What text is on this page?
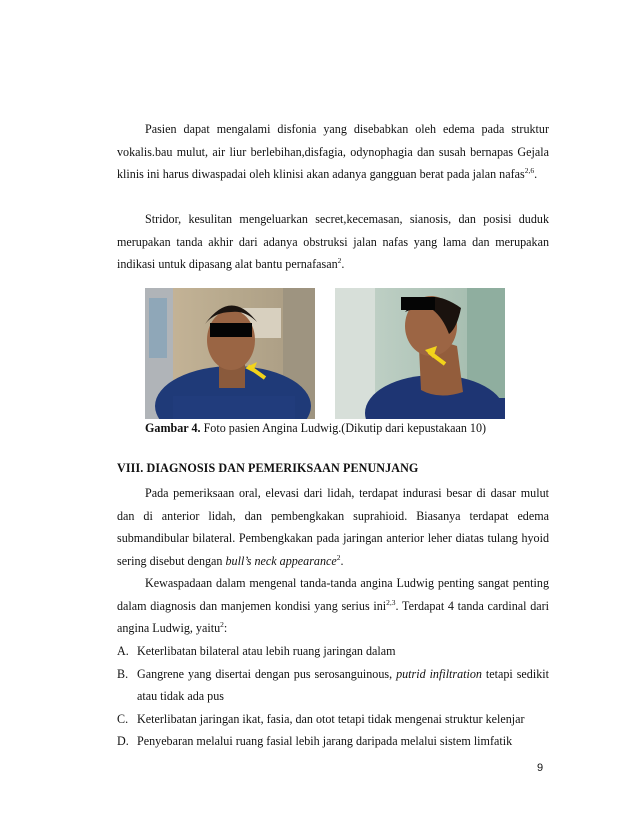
Pasien dapat mengalami disfonia yang disebabkan oleh edema pada struktur vokalis.bau mulut, air liur berlebihan,disfagia, odynophagia dan susah bernapas Gejala klinis ini harus diwaspadai oleh klinisi akan adanya gangguan berat pada jalan nafas$^{2,6}$.

Stridor, kesulitan mengeluarkan secret,kecemasan, sianosis, dan posisi duduk merupakan tanda akhir dari adanya obstruksi jalan nafas yang lama dan merupakan indikasi untuk dipasang alat bantu pernafasan$^2$.

Gambar 4. Foto pasien Angina Ludwig.(Dikutip dari kepustakaan 10)

VIII. DIAGNOSIS DAN PEMERIKSAAN PENUNJANG

Pada pemeriksaan oral, elevasi dari lidah, terdapat indurasi besar di dasar mulut dan di anterior lidah, dan pembengkakan suprahioid. Biasanya terdapat edema submandibular bilateral. Pembengkakan pada jaringan anterior leher diatas tulang hyoid sering disebut dengan bull’s neck appearance$^2$.

Kewaspadaan dalam mengenal tanda-tanda angina Ludwig penting sangat penting dalam diagnosis dan manjemen kondisi yang serius ini$^{2,3}$. Terdapat 4 tanda cardinal dari angina Ludwig, yaitu$^2$:

A. Keterlibatan bilateral atau lebih ruang jaringan dalam
B. Gangrene yang disertai dengan pus serosanguinous, putrid infiltration tetapi sedikit atau tidak ada pus
C. Keterlibatan jaringan ikat, fasia, dan otot tetapi tidak mengenai struktur kelenjar
D. Penyebaran melalui ruang fasial lebih jarang daripada melalui sistem limfatik
9
